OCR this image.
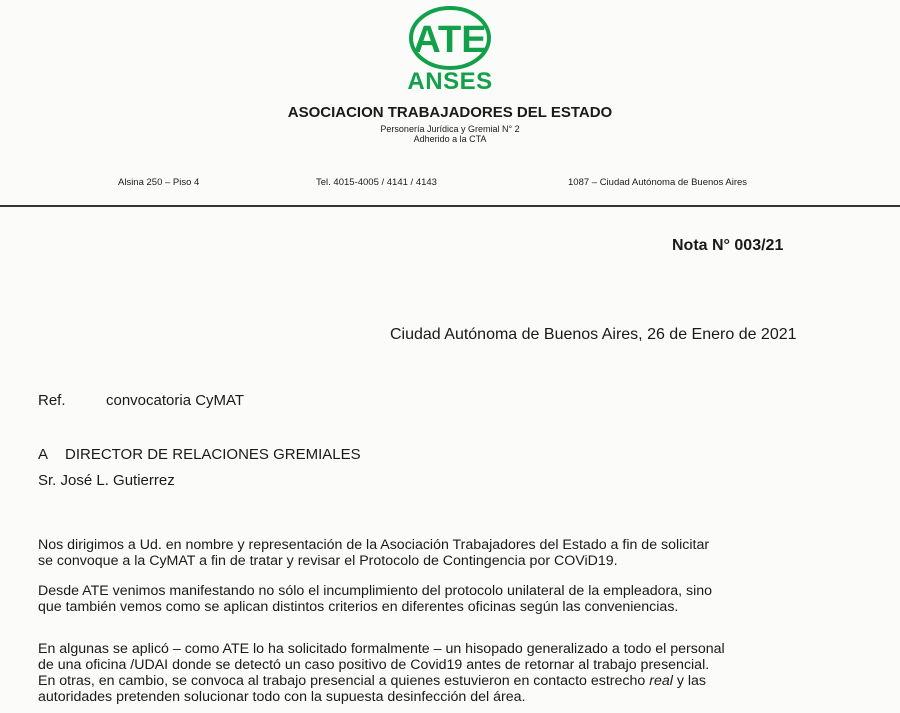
ATE
ANSES
ASOCIACION TRABAJADORES DEL ESTADO
Personería Jurídica y Gremial N° 2
Adherido a la CTA
Alsina 250 – Piso 4	Tel. 4015-4005 / 4141 / 4143	1087 – Ciudad Autónoma de Buenos Aires
Nota N° 003/21
Ciudad Autónoma de Buenos Aires, 26 de Enero de 2021
Ref.	convocatoria CyMAT
A DIRECTOR DE RELACIONES GREMIALES
Sr. José L. Gutierrez
Nos dirigimos a Ud. en nombre y representación de la Asociación Trabajadores del Estado a fin de solicitar
se convoque a la CyMAT a fin de tratar y revisar el Protocolo de Contingencia por COViD19.
Desde ATE venimos manifestando no sólo el incumplimiento del protocolo unilateral de la empleadora, sino
que también vemos como se aplican distintos criterios en diferentes oficinas según las conveniencias.
En algunas se aplicó – como ATE lo ha solicitado formalmente – un hisopado generalizado a todo el personal
de una oficina /UDAI donde se detectó un caso positivo de Covid19 antes de retornar al trabajo presencial.
En otras, en cambio, se convoca al trabajo presencial a quienes estuvieron en contacto estrecho real y las
autoridades pretenden solucionar todo con la supuesta desinfección del área.
